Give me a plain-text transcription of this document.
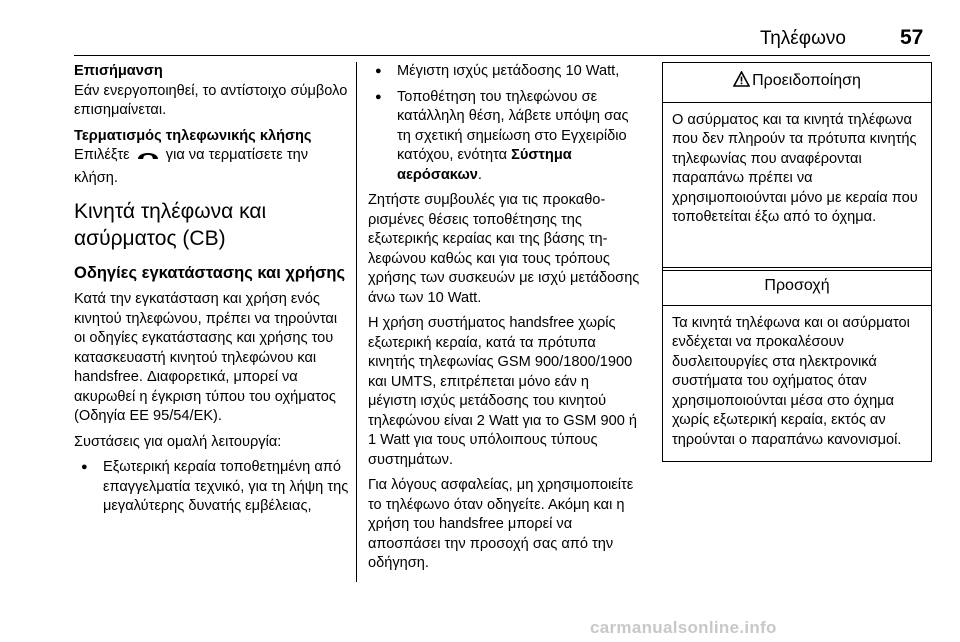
Τηλέφωνο	57

Επισήμανση

Εάν ενεργοποιηθεί, το αντίστοιχο σύμβολο επισημαίνεται.

Τερματισμός τηλεφωνικής κλήσης

Επιλέξτε για να τερματίσετε την κλήση.

Κινητά τηλέφωνα και ασύρματος (CB)

Οδηγίες εγκατάστασης και χρήσης

Κατά την εγκατάσταση και χρήση ενός κινητού τηλεφώνου, πρέπει να τηρούνται οι οδηγίες εγκατάστασης και χρήσης του κατασκευαστή κινητού τηλεφώνου και handsfree. Διαφορετικά, μπορεί να ακυρωθεί η έγκριση τύπου του οχήματος (Οδηγία ΕΕ 95/54/ΕΚ).

Συστάσεις για ομαλή λειτουργία:

● Εξωτερική κεραία τοποθετημένη από επαγγελματία τεχνικό, για τη λήψη της μεγαλύτερης δυνατής εμβέλειας,

● Μέγιστη ισχύς μετάδοσης 10 Watt,

● Τοποθέτηση του τηλεφώνου σε κατάλληλη θέση, λάβετε υπόψη σας τη σχετική σημείωση στο Εγχειρίδιο κατόχου, ενότητα Σύστημα αερόσακων.

Ζητήστε συμβουλές για τις προκαθορισμένες θέσεις τοποθέτησης της εξωτερικής κεραίας και της βάσης τηλεφώνου καθώς και για τους τρόπους χρήσης των συσκευών με ισχύ μετάδοσης άνω των 10 Watt.

Η χρήση συστήματος handsfree χωρίς εξωτερική κεραία, κατά τα πρότυπα κινητής τηλεφωνίας GSM 900/1800/1900 και UMTS, επιτρέπεται μόνο εάν η μέγιστη ισχύς μετάδοσης του κινητού τηλεφώνου είναι 2 Watt για το GSM 900 ή 1 Watt για τους υπόλοιπους τύπους συστημάτων.

Για λόγους ασφαλείας, μη χρησιμοποιείτε το τηλέφωνο όταν οδηγείτε. Ακόμη και η χρήση του handsfree μπορεί να αποσπάσει την προσοχή σας από την οδήγηση.

Προειδοποίηση
Ο ασύρματος και τα κινητά τηλέφωνα που δεν πληρούν τα πρότυπα κινητής τηλεφωνίας που αναφέρονται παραπάνω πρέπει να χρησιμοποιούνται μόνο με κεραία που τοποθετείται έξω από το όχημα.
Προσοχή
Τα κινητά τηλέφωνα και οι ασύρματοι ενδέχεται να προκαλέσουν δυσλειτουργίες στα ηλεκτρονικά συστήματα του οχήματος όταν χρησιμοποιούνται μέσα στο όχημα χωρίς εξωτερική κεραία, εκτός αν τηρούνται ο παραπάνω κανονισμοί.
carmanualsonline.info
